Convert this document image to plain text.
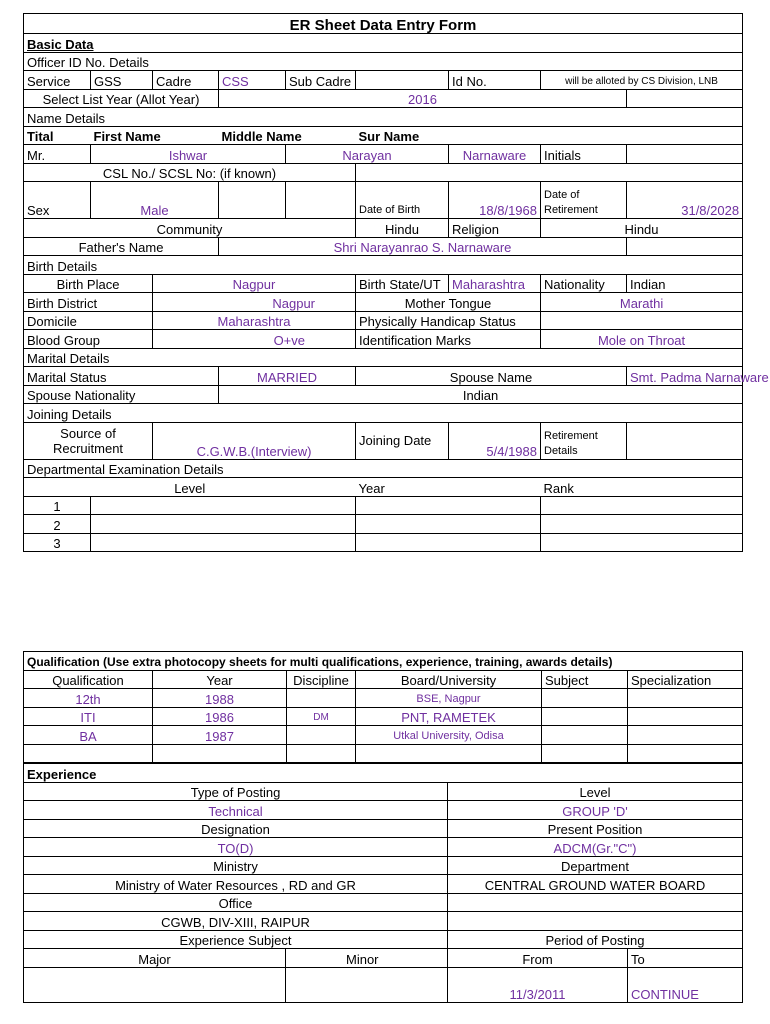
ER Sheet Data Entry Form								
Basic Data								
Officer ID No. Details								
Service	GSS	Cadre	CSS	Sub Cadre		Id No.	will be alloted by CS Division, LNB	
Select List Year (Allot Year)			2016					
Name Details								
Tital	First Name		Middle Name		Sur Name			
Mr.	Ishwar			Narayan		Narnaware	Initials	
CSL No./ SCSL No: (if known)								
Sex	Male				Date of Birth	18/8/1968	Date of Retirement	31/8/2028
Community					Hindu	Religion	Hindu	
Father's Name			Shri Narayanrao S. Narnaware					
Birth Details								
Birth Place		Nagpur			Birth State/UT	Maharashtra	Nationality	Indian
Birth District		Nagpur			Mother Tongue		Marathi	
Domicile		Maharashtra			Physically Handicap Status			
Blood Group		O+ve			Identification Marks		Mole on Throat	
Marital Details								
Marital Status			MARRIED		Spouse Name			Smt. Padma Narnaware
Spouse Nationality			Indian					
Joining Details								
Source of Recruitment		C.G.W.B.(Interview)			Joining Date	5/4/1988	Retirement Details	
Departmental Examination Details								
Level					Year		Rank	
1								
2								
3								
Qualification (Use extra photocopy sheets for multi qualifications, experience, training, awards details)					
Qualification	Year	Discipline	Board/University	Subject	Specialization
12th	1988		BSE, Nagpur		
ITI	1986	DM	PNT, RAMETEK		
BA	1987		Utkal University, Odisa		

Experience			
Type of Posting		Level	
Technical		GROUP 'D'	
Designation		Present Position	
TO(D)		ADCM(Gr."C")	
Ministry		Department	
Ministry of Water Resources , RD and GR		CENTRAL GROUND WATER BOARD	
Office			
CGWB, DIV-XIII, RAIPUR			
Experience Subject		Period of Posting	
Major	Minor	From	To
		11/3/2011	CONTINUE
